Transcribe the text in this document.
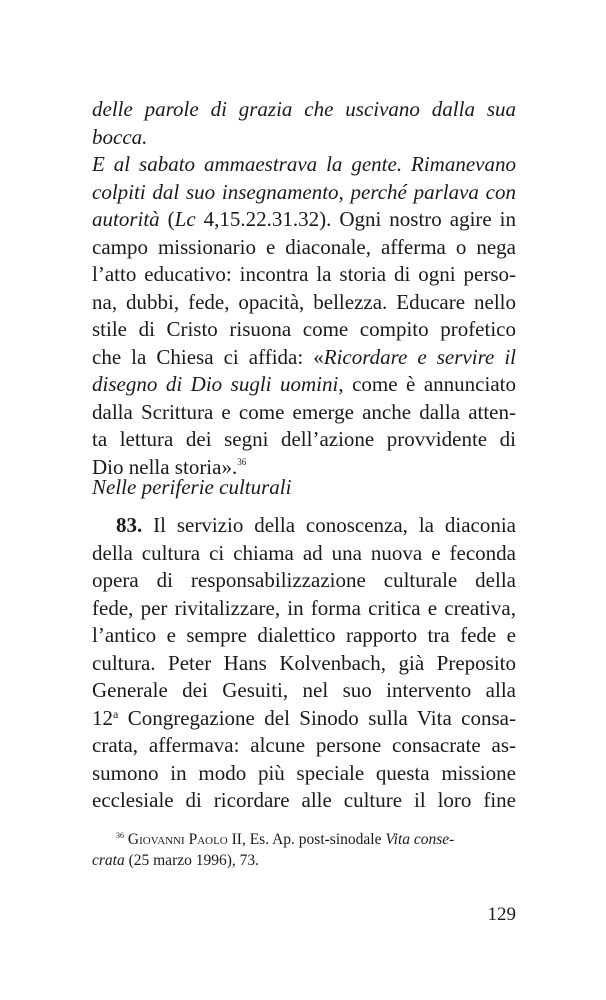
delle parole di grazia che uscivano dalla sua bocca.
E al sabato ammaestrava la gente. Rimanevano
colpiti dal suo insegnamento, perché parlava con
autorità (Lc 4,15.22.31.32). Ogni nostro agire in
campo missionario e diaconale, afferma o nega
l’atto educativo: incontra la storia di ogni perso-
na, dubbi, fede, opacità, bellezza. Educare nello
stile di Cristo risuona come compito profetico
che la Chiesa ci affida: «Ricordare e servire il
disegno di Dio sugli uomini, come è annunciato
dalla Scrittura e come emerge anche dalla atten-
ta lettura dei segni dell’azione provvidente di
Dio nella storia».$^{36}$

Nelle periferie culturali

83. Il servizio della conoscenza, la diaconia
della cultura ci chiama ad una nuova e feconda
opera di responsabilizzazione culturale della
fede, per rivitalizzare, in forma critica e creativa,
l’antico e sempre dialettico rapporto tra fede e
cultura. Peter Hans Kolvenbach, già Preposito
Generale dei Gesuiti, nel suo intervento alla
12$^a$ Congregazione del Sinodo sulla Vita consa-
crata, affermava: alcune persone consacrate as-
sumono in modo più speciale questa missione
ecclesiale di ricordare alle culture il loro fine

$^{36}$ Giovanni Paolo II, Es. Ap. post-sinodale Vita conse-
crata (25 marzo 1996), 73.

129
